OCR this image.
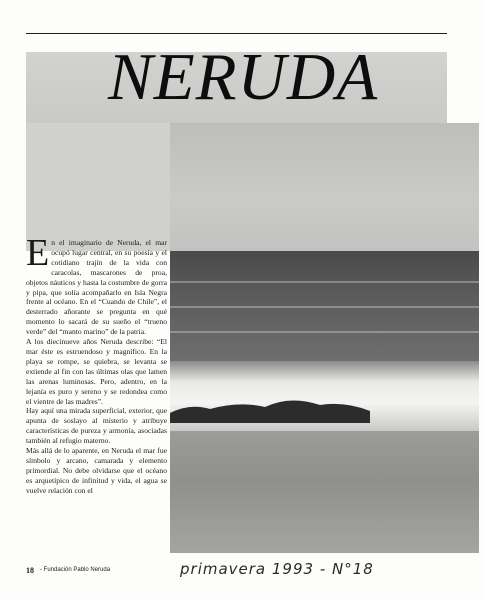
NERUDA

En el imaginario de Neruda, el mar ocupó lugar central, en su poesía y el cotidiano trajín de la vida con caracolas, mascarones de proa, objetos náuticos y hasta la costumbre de gorra y pipa, que solía acompañarlo en Isla Negra frente al océano. En el “Cuando de Chile”, el desterrado añorante se pregunta en qué momento lo sacará de su sueño el “trueno verde” del “manto marino” de la patria.

A los diecinueve años Neruda describe: “El mar éste es estruendoso y magnífico. En la playa se rompe, se quiebra, se levanta se extiende al fin con las últimas olas que lamen las arenas luminosas. Pero, adentro, en la lejanía es puro y sereno y se redondea como el vientre de las madres”.

Hay aquí una mirada superficial, exterior, que apunta de soslayo al misterio y atribuye características de pureza y armonía, asociadas también al refugio materno.

Más allá de lo aparente, en Neruda el mar fue símbolo y arcano, camarada y elemento primordial. No debe olvidarse que el océano es arquetípico de infinitud y vida, el agua se vuelve relación con el

18 - Fundación Pablo Neruda	primavera 1993 - N°18
